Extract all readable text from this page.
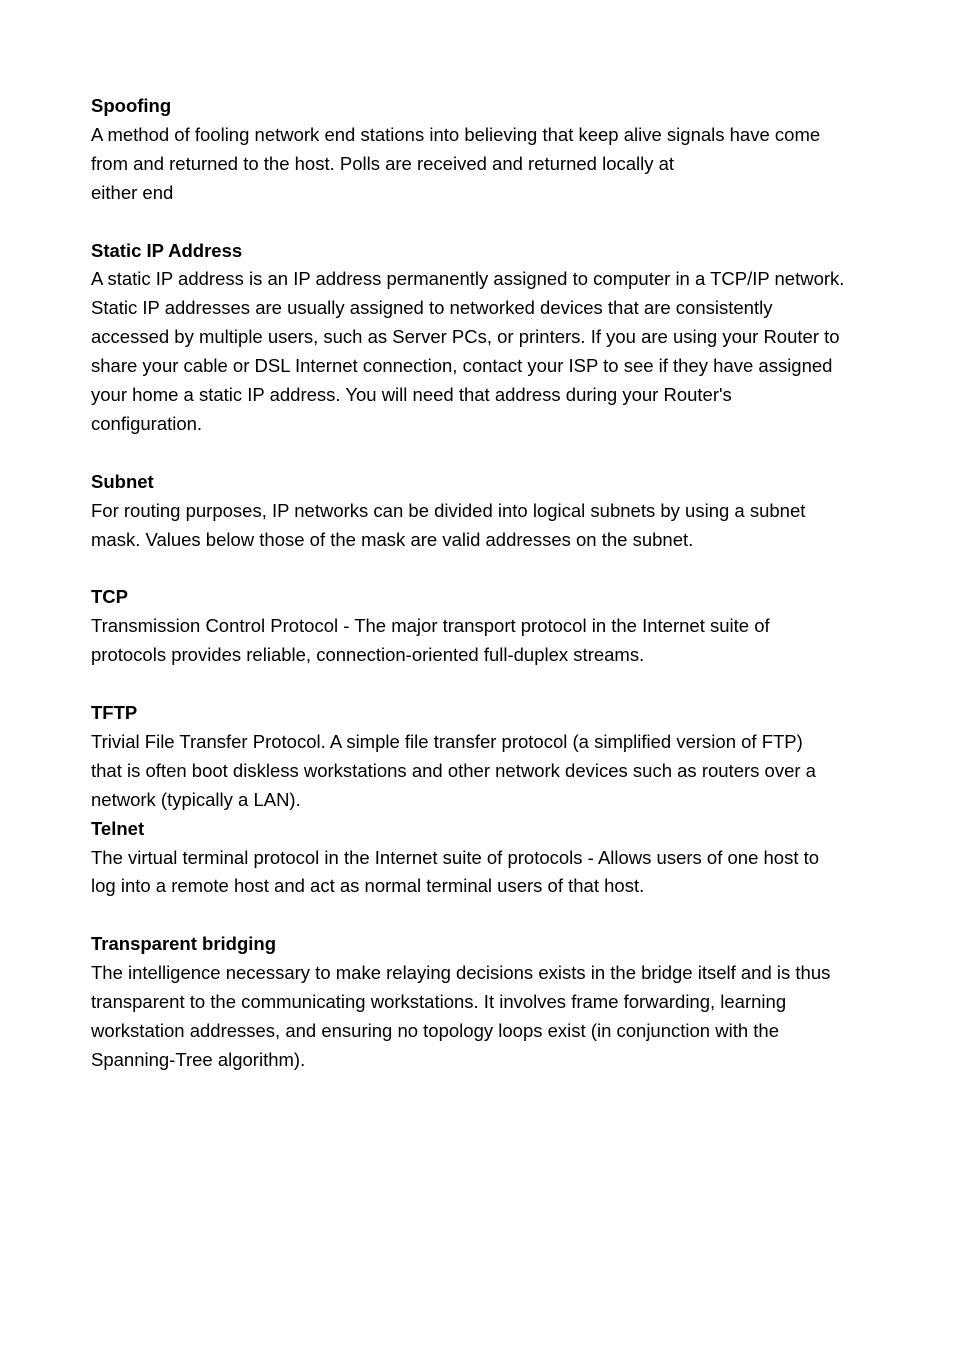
Spoofing
A method of fooling network end stations into believing that keep alive signals have come
from and returned to the host. Polls are received and returned locally at
either end
Static IP Address
A static IP address is an IP address permanently assigned to computer in a TCP/IP network.
Static IP addresses are usually assigned to networked devices that are consistently
accessed by multiple users, such as Server PCs, or printers. If you are using your Router to
share your cable or DSL Internet connection, contact your ISP to see if they have assigned
your home a static IP address. You will need that address during your Router's
configuration.
Subnet
For routing purposes, IP networks can be divided into logical subnets by using a subnet
mask. Values below those of the mask are valid addresses on the subnet.
TCP
Transmission Control Protocol - The major transport protocol in the Internet suite of
protocols provides reliable, connection-oriented full-duplex streams.
TFTP
Trivial File Transfer Protocol. A simple file transfer protocol (a simplified version of FTP)
that is often boot diskless workstations and other network devices such as routers over a
network (typically a LAN).
Telnet
The virtual terminal protocol in the Internet suite of protocols - Allows users of one host to
log into a remote host and act as normal terminal users of that host.
Transparent bridging
The intelligence necessary to make relaying decisions exists in the bridge itself and is thus
transparent to the communicating workstations. It involves frame forwarding, learning
workstation addresses, and ensuring no topology loops exist (in conjunction with the
Spanning-Tree algorithm).
